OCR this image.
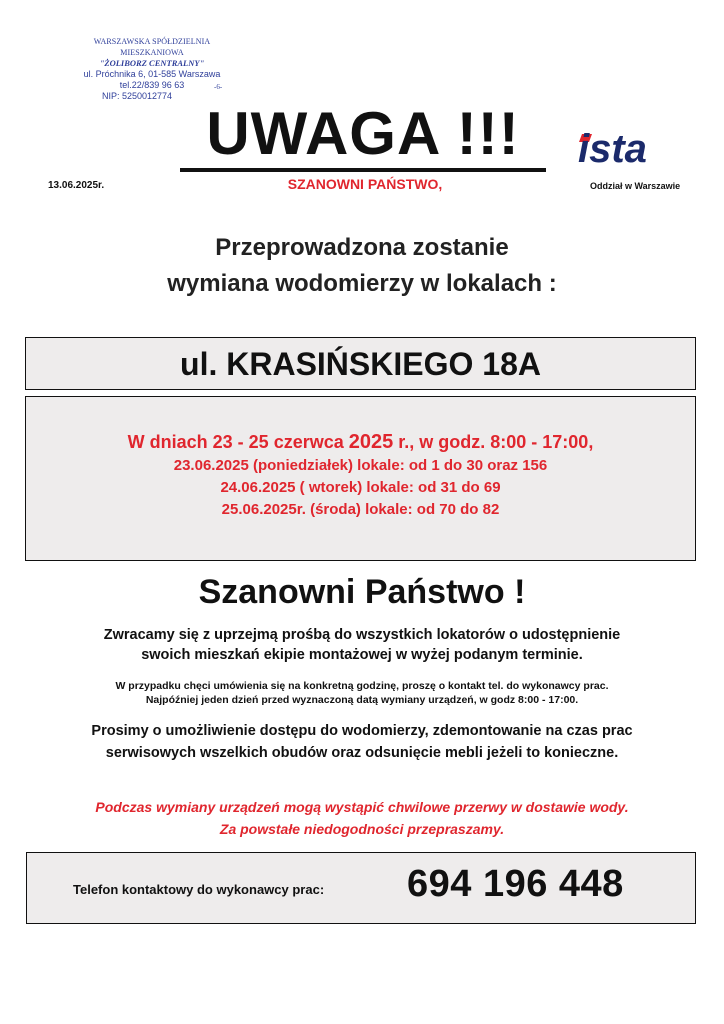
WARSZAWSKA SPÓŁDZIELNIA MIESZKANIOWA
"ŻOLIBORZ CENTRALNY"
ul. Próchnika 6, 01-585 Warszawa
tel.22/839 96 63
NIP: 5250012774
-6-
UWAGA !!!
13.06.2025r.	SZANOWNI PAŃSTWO,
ista
Oddział w Warszawie
Przeprowadzona zostanie
wymiana wodomierzy w lokalach :
ul. KRASIŃSKIEGO 18A
W dniach 23 - 25 czerwca 2025 r., w godz. 8:00 - 17:00,
23.06.2025 (poniedziałek) lokale: od 1 do 30 oraz 156
24.06.2025 ( wtorek) lokale: od 31 do 69
25.06.2025r. (środa) lokale: od 70 do 82
Szanowni Państwo !
Zwracamy się z uprzejmą prośbą do wszystkich lokatorów o udostępnienie
swoich mieszkań ekipie montażowej w wyżej podanym terminie.
W przypadku chęci umówienia się na konkretną godzinę, proszę o kontakt tel. do wykonawcy prac.
Najpóźniej jeden dzień przed wyznaczoną datą wymiany urządzeń, w godz 8:00 - 17:00.
Prosimy o umożliwienie dostępu do wodomierzy, zdemontowanie na czas prac
serwisowych wszelkich obudów oraz odsunięcie mebli jeżeli to konieczne.
Podczas wymiany urządzeń mogą wystąpić chwilowe przerwy w dostawie wody.
Za powstałe niedogodności przepraszamy.
Telefon kontaktowy do wykonawcy prac: 694 196 448
